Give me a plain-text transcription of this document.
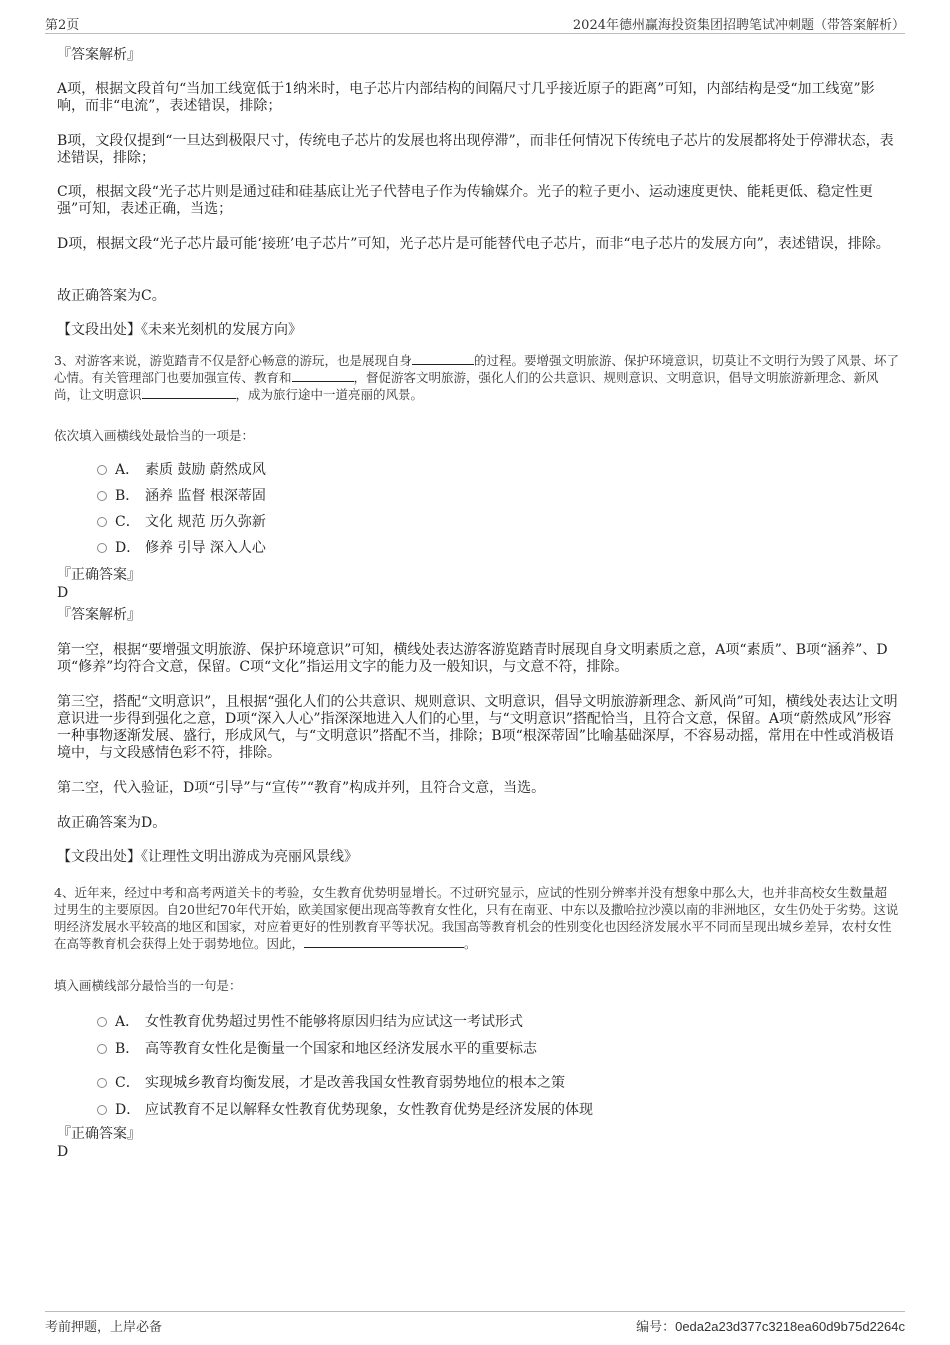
第2页	2024年德州赢海投资集团招聘笔试冲刺题（带答案解析）
『答案解析』
A项，根据文段首句“当加工线宽低于1纳米时，电子芯片内部结构的间隔尺寸几乎接近原子的距离”可知，内部结构是受“加工线宽”影响，而非“电流”，表述错误，排除；
B项，文段仅提到“一旦达到极限尺寸，传统电子芯片的发展也将出现停滞”，而非任何情况下传统电子芯片的发展都将处于停滞状态，表述错误，排除；
C项，根据文段“光子芯片则是通过硅和硅基底让光子代替电子作为传输媒介。光子的粒子更小、运动速度更快、能耗更低、稳定性更强”可知，表述正确，当选；
D项，根据文段“光子芯片最可能‘接班’电子芯片”可知，光子芯片是可能替代电子芯片，而非“电子芯片的发展方向”，表述错误，排除。
故正确答案为C。
【文段出处】《未来光刻机的发展方向》
3、对游客来说，游览踏青不仅是舒心畅意的游玩，也是展现自身	的过程。要增强文明旅游、保护环境意识，切莫让不文明行为毁了风景、坏了心情。有关管理部门也要加强宣传、教育和	，督促游客文明旅游，强化人们的公共意识、规则意识、文明意识，倡导文明旅游新理念、新风尚，让文明意识	，成为旅行途中一道亮丽的风景。
依次填入画横线处最恰当的一项是：
A． 素质 鼓励 蔚然成风
B． 涵养 监督 根深蒂固
C． 文化 规范 历久弥新
D． 修养 引导 深入人心
『正确答案』
D
『答案解析』
第一空，根据“要增强文明旅游、保护环境意识”可知，横线处表达游客游览踏青时展现自身文明素质之意，A项“素质”、B项“涵养”、D项“修养”均符合文意，保留。C项“文化”指运用文字的能力及一般知识，与文意不符，排除。
第三空，搭配“文明意识”，且根据“强化人们的公共意识、规则意识、文明意识，倡导文明旅游新理念、新风尚”可知，横线处表达让文明意识进一步得到强化之意，D项“深入人心”指深深地进入人们的心里，与“文明意识”搭配恰当，且符合文意，保留。A项“蔚然成风”形容一种事物逐渐发展、盛行，形成风气，与“文明意识”搭配不当，排除；B项“根深蒂固”比喻基础深厚，不容易动摇，常用在中性或消极语境中，与文段感情色彩不符，排除。
第二空，代入验证，D项“引导”与“宣传”“教育”构成并列，且符合文意，当选。
故正确答案为D。
【文段出处】《让理性文明出游成为亮丽风景线》
4、近年来，经过中考和高考两道关卡的考验，女生教育优势明显增长。不过研究显示，应试的性别分辨率并没有想象中那么大，也并非高校女生数量超过男生的主要原因。自20世纪70年代开始，欧美国家便出现高等教育女性化，只有在南亚、中东以及撒哈拉沙漠以南的非洲地区，女生仍处于劣势。这说明经济发展水平较高的地区和国家，对应着更好的性别教育平等状况。我国高等教育机会的性别变化也因经济发展水平不同而呈现出城乡差异，农村女性在高等教育机会获得上处于弱势地位。因此，	。
填入画横线部分最恰当的一句是：
A． 女性教育优势超过男性不能够将原因归结为应试这一考试形式
B． 高等教育女性化是衡量一个国家和地区经济发展水平的重要标志
C． 实现城乡教育均衡发展，才是改善我国女性教育弱势地位的根本之策
D． 应试教育不足以解释女性教育优势现象，女性教育优势是经济发展的体现
『正确答案』
D
考前押题，上岸必备	编号：0eda2a23d377c3218ea60d9b75d2264c
